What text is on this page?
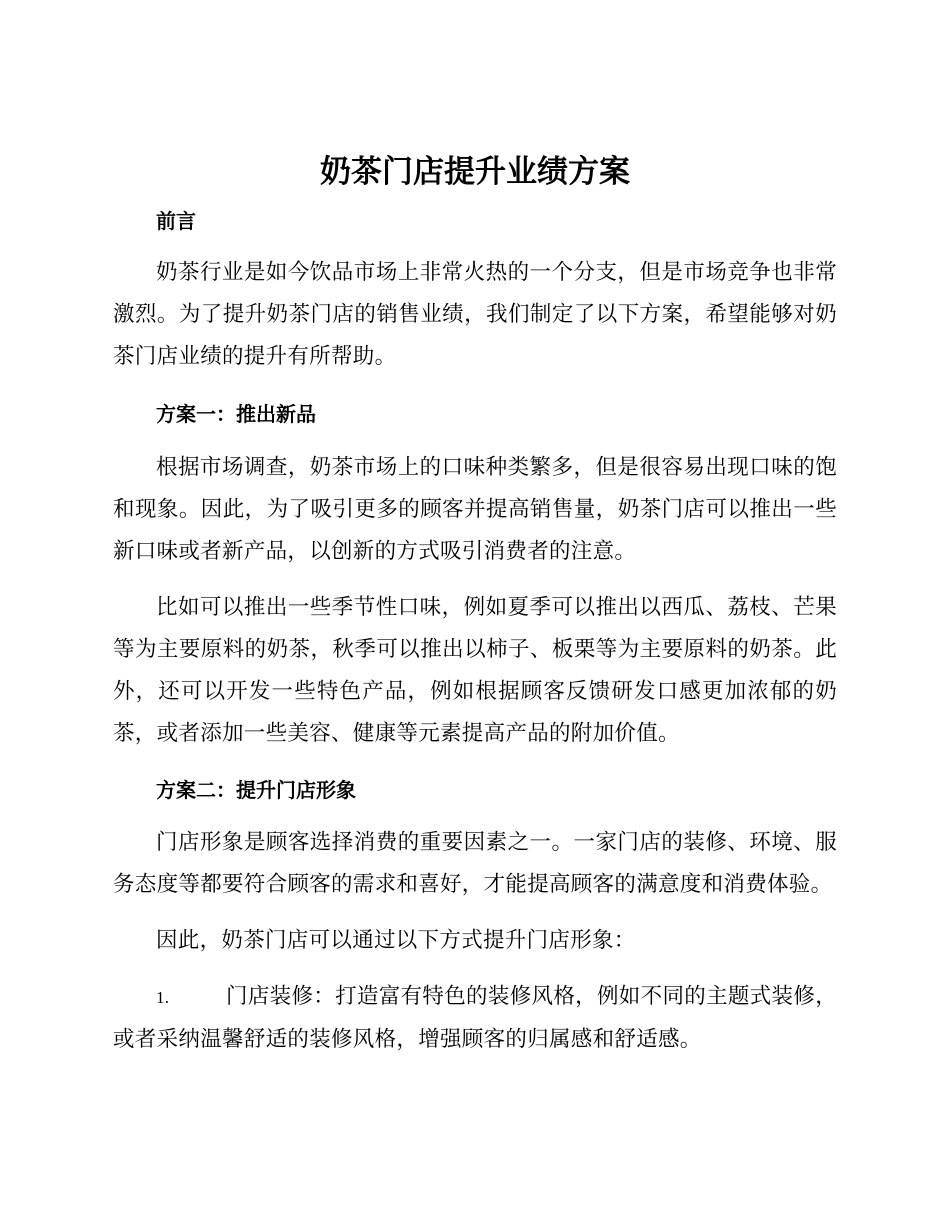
奶茶门店提升业绩方案
前言

奶茶行业是如今饮品市场上非常火热的一个分支，但是市场竞争也非常激烈。为了提升奶茶门店的销售业绩，我们制定了以下方案，希望能够对奶茶门店业绩的提升有所帮助。

方案一：推出新品

根据市场调查，奶茶市场上的口味种类繁多，但是很容易出现口味的饱和现象。因此，为了吸引更多的顾客并提高销售量，奶茶门店可以推出一些新口味或者新产品，以创新的方式吸引消费者的注意。

比如可以推出一些季节性口味，例如夏季可以推出以西瓜、荔枝、芒果等为主要原料的奶茶，秋季可以推出以柿子、板栗等为主要原料的奶茶。此外，还可以开发一些特色产品，例如根据顾客反馈研发口感更加浓郁的奶茶，或者添加一些美容、健康等元素提高产品的附加价值。

方案二：提升门店形象

门店形象是顾客选择消费的重要因素之一。一家门店的装修、环境、服务态度等都要符合顾客的需求和喜好，才能提高顾客的满意度和消费体验。

因此，奶茶门店可以通过以下方式提升门店形象：

1.	门店装修：打造富有特色的装修风格，例如不同的主题式装修，或者采纳温馨舒适的装修风格，增强顾客的归属感和舒适感。
